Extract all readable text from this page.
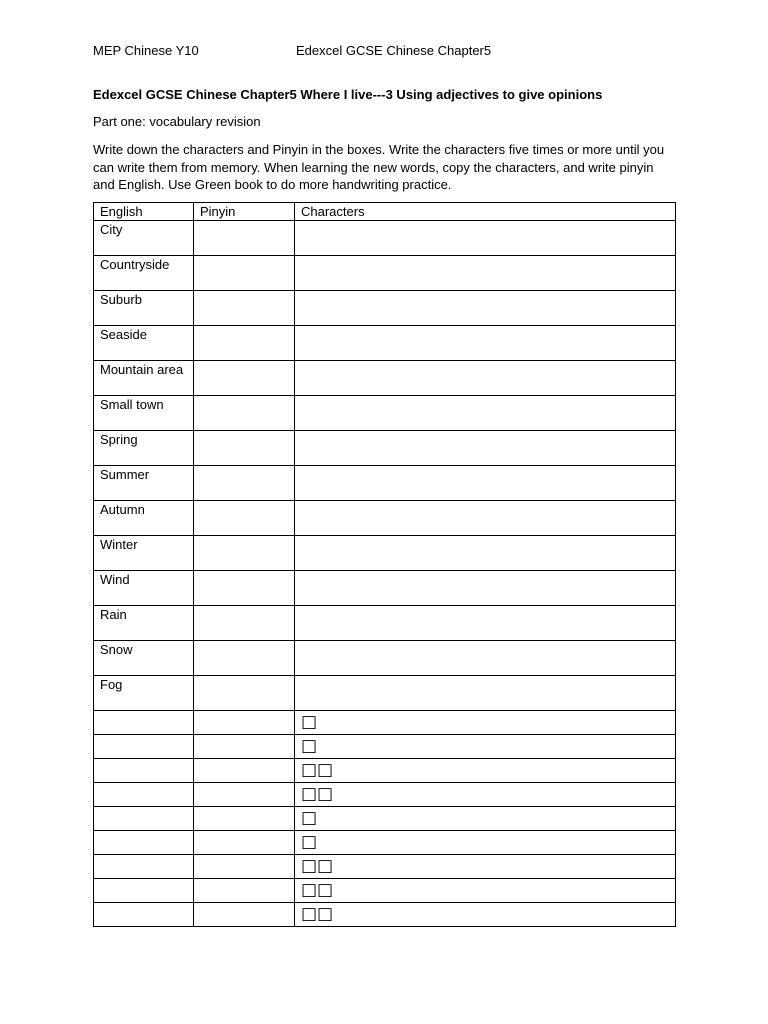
MEP Chinese Y10	Edexcel GCSE Chinese Chapter5
Edexcel GCSE Chinese Chapter5 Where I live---3 Using adjectives to give opinions
Part one: vocabulary revision
Write down the characters and Pinyin in the boxes. Write the characters five times or more until you can write them from memory. When learning the new words, copy the characters, and write pinyin and English. Use Green book to do more handwriting practice.
English	Pinyin	Characters
City		
Countryside		
Suburb		
Seaside		
Mountain area		
Small town		
Spring		
Summer		
Autumn		
Winter		
Wind		
Rain		
Snow		
Fog		
		□
		□
		□□
		□□
		□
		□
		□□
		□□
		□□
